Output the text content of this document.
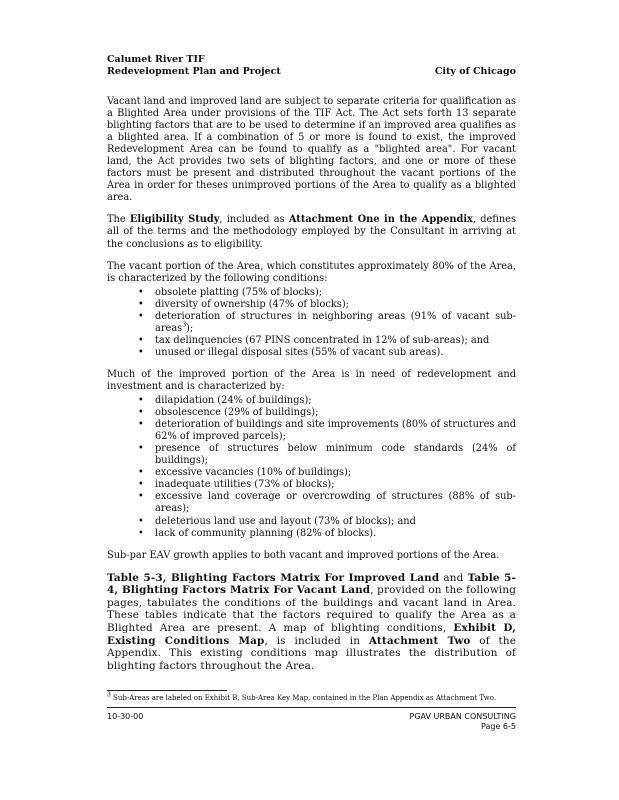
Calumet River TIF
Redevelopment Plan and Project	City of Chicago

Vacant land and improved land are subject to separate criteria for qualification as a Blighted Area under provisions of the TIF Act. The Act sets forth 13 separate blighting factors that are to be used to determine if an improved area qualifies as a blighted area. If a combination of 5 or more is found to exist, the improved Redevelopment Area can be found to qualify as a "blighted area". For vacant land, the Act provides two sets of blighting factors, and one or more of these factors must be present and distributed throughout the vacant portions of the Area in order for theses unimproved portions of the Area to qualify as a blighted area.

The Eligibility Study, included as Attachment One in the Appendix, defines all of the terms and the methodology employed by the Consultant in arriving at the conclusions as to eligibility.

The vacant portion of the Area, which constitutes approximately 80% of the Area, is characterized by the following conditions:

• obsolete platting (75% of blocks);
• diversity of ownership (47% of blocks);
• deterioration of structures in neighboring areas (91% of vacant sub-areas$^3$);
• tax delinquencies (67 PINS concentrated in 12% of sub-areas); and
• unused or illegal disposal sites (55% of vacant sub areas).

Much of the improved portion of the Area is in need of redevelopment and investment and is characterized by:

• dilapidation (24% of buildings);
• obsolescence (29% of buildings);
• deterioration of buildings and site improvements (80% of structures and 62% of improved parcels);
• presence of structures below minimum code standards (24% of buildings);
• excessive vacancies (10% of buildings);
• inadequate utilities (73% of blocks);
• excessive land coverage or overcrowding of structures (88% of sub-areas);
• deleterious land use and layout (73% of blocks); and
• lack of community planning (82% of blocks).

Sub-par EAV growth applies to both vacant and improved portions of the Area.

Table 5-3, Blighting Factors Matrix For Improved Land and Table 5-4, Blighting Factors Matrix For Vacant Land, provided on the following pages, tabulates the conditions of the buildings and vacant land in Area. These tables indicate that the factors required to qualify the Area as a Blighted Area are present. A map of blighting conditions, Exhibit D, Existing Conditions Map, is included in Attachment Two of the Appendix. This existing conditions map illustrates the distribution of blighting factors throughout the Area.

$^3$ Sub-Areas are labeled on Exhibit B, Sub-Area Key Map, contained in the Plan Appendix as Attachment Two.
10-30-00	PGAV URBAN CONSULTING
Page 6-5
